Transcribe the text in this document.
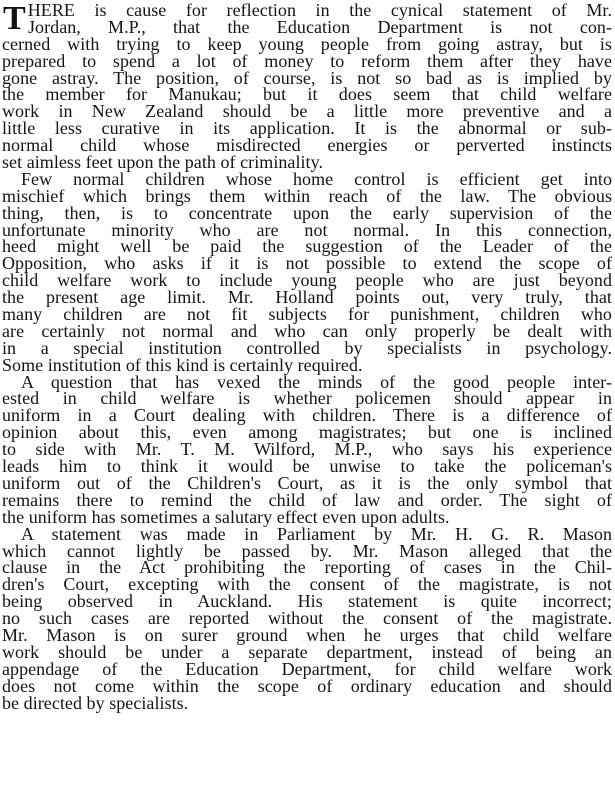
THERE is cause for reflection in the cynical statement of Mr.
Jordan, M.P., that the Education Department is not con-
cerned with trying to keep young people from going astray, but is
prepared to spend a lot of money to reform them after they have
gone astray. The position, of course, is not so bad as is implied by
the member for Manukau; but it does seem that child welfare
work in New Zealand should be a little more preventive and a
little less curative in its application. It is the abnormal or sub-
normal child whose misdirected energies or perverted instincts
set aimless feet upon the path of criminality.
Few normal children whose home control is efficient get into
mischief which brings them within reach of the law. The obvious
thing, then, is to concentrate upon the early supervision of the
unfortunate minority who are not normal. In this connection,
heed might well be paid the suggestion of the Leader of the
Opposition, who asks if it is not possible to extend the scope of
child welfare work to include young people who are just beyond
the present age limit. Mr. Holland points out, very truly, that
many children are not fit subjects for punishment, children who
are certainly not normal and who can only properly be dealt with
in a special institution controlled by specialists in psychology.
Some institution of this kind is certainly required.
A question that has vexed the minds of the good people inter-
ested in child welfare is whether policemen should appear in
uniform in a Court dealing with children. There is a difference of
opinion about this, even among magistrates; but one is inclined
to side with Mr. T. M. Wilford, M.P., who says his experience
leads him to think it would be unwise to take the policeman's
uniform out of the Children's Court, as it is the only symbol that
remains there to remind the child of law and order. The sight of
the uniform has sometimes a salutary effect even upon adults.
A statement was made in Parliament by Mr. H. G. R. Mason
which cannot lightly be passed by. Mr. Mason alleged that the
clause in the Act prohibiting the reporting of cases in the Chil-
dren's Court, excepting with the consent of the magistrate, is not
being observed in Auckland. His statement is quite incorrect;
no such cases are reported without the consent of the magistrate.
Mr. Mason is on surer ground when he urges that child welfare
work should be under a separate department, instead of being an
appendage of the Education Department, for child welfare work
does not come within the scope of ordinary education and should
be directed by specialists.
